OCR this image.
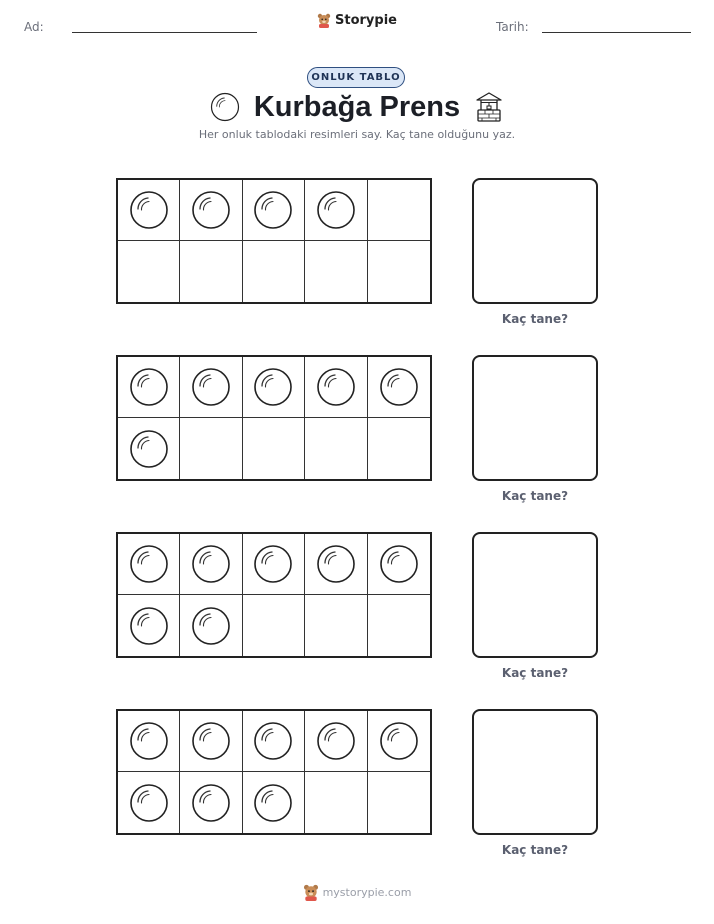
Ad:	Storypie	Tarih:
ONLUK TABLO
Kurbağa Prens
Her onluk tablodaki resimleri say. Kaç tane olduğunu yaz.
Kaç tane?
Kaç tane?
Kaç tane?
Kaç tane?
mystorypie.com
